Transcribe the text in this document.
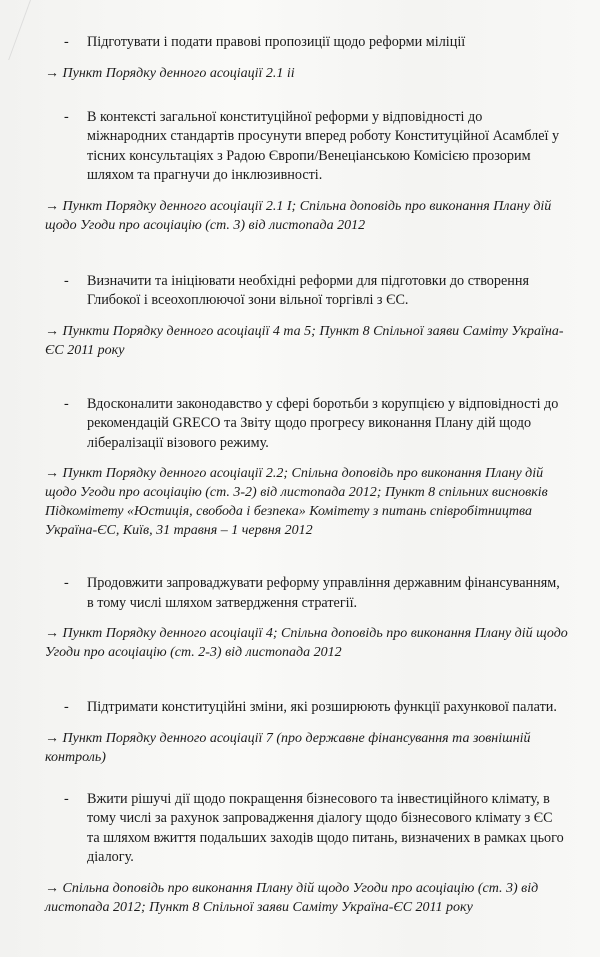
-	Підготувати і подати правові пропозиції щодо реформи міліції
→ Пункт Порядку денного асоціації 2.1 іі
-	В контексті загальної конституційної реформи у відповідності до міжнародних стандартів просунути вперед роботу Конституційної Асамблеї у тісних консультаціях з Радою Європи/Венеціанською Комісією прозорим шляхом та прагнучи до інклюзивності.
→ Пункт Порядку денного асоціації 2.1 І; Спільна доповідь про виконання Плану дій щодо Угоди про асоціацію (ст. 3) від листопада 2012
-	Визначити та ініціювати необхідні реформи для підготовки до створення Глибокої і всеохоплюючої зони вільної торгівлі з ЄС.
→ Пункти Порядку денного асоціації 4 та 5; Пункт 8 Спільної заяви Саміту Україна-ЄС 2011 року
-	Вдосконалити законодавство у сфері боротьби з корупцією у відповідності до рекомендацій GRECO та Звіту щодо прогресу виконання Плану дій щодо лібералізації візового режиму.
→ Пункт Порядку денного асоціації 2.2; Спільна доповідь про виконання Плану дій щодо Угоди про асоціацію (ст. 3-2) від листопада 2012; Пункт 8 спільних висновків Підкомітету «Юстиція, свобода і безпека» Комітету з питань співробітництва Україна-ЄС, Київ, 31 травня – 1 червня 2012
-	Продовжити запроваджувати реформу управління державним фінансуванням, в тому числі шляхом затвердження стратегії.
→ Пункт Порядку денного асоціації 4; Спільна доповідь про виконання Плану дій щодо Угоди про асоціацію (ст. 2-3) від листопада 2012
-	Підтримати конституційні зміни, які розширюють функції рахункової палати.
→ Пункт Порядку денного асоціації 7 (про державне фінансування та зовнішній контроль)
-	Вжити рішучі дії щодо покращення бізнесового та інвестиційного клімату, в тому числі за рахунок запровадження діалогу щодо бізнесового клімату з ЄС та шляхом вжиття подальших заходів щодо питань, визначених в рамках цього діалогу.
→ Спільна доповідь про виконання Плану дій щодо Угоди про асоціацію (ст. 3) від листопада 2012; Пункт 8 Спільної заяви Саміту Україна-ЄС 2011 року
